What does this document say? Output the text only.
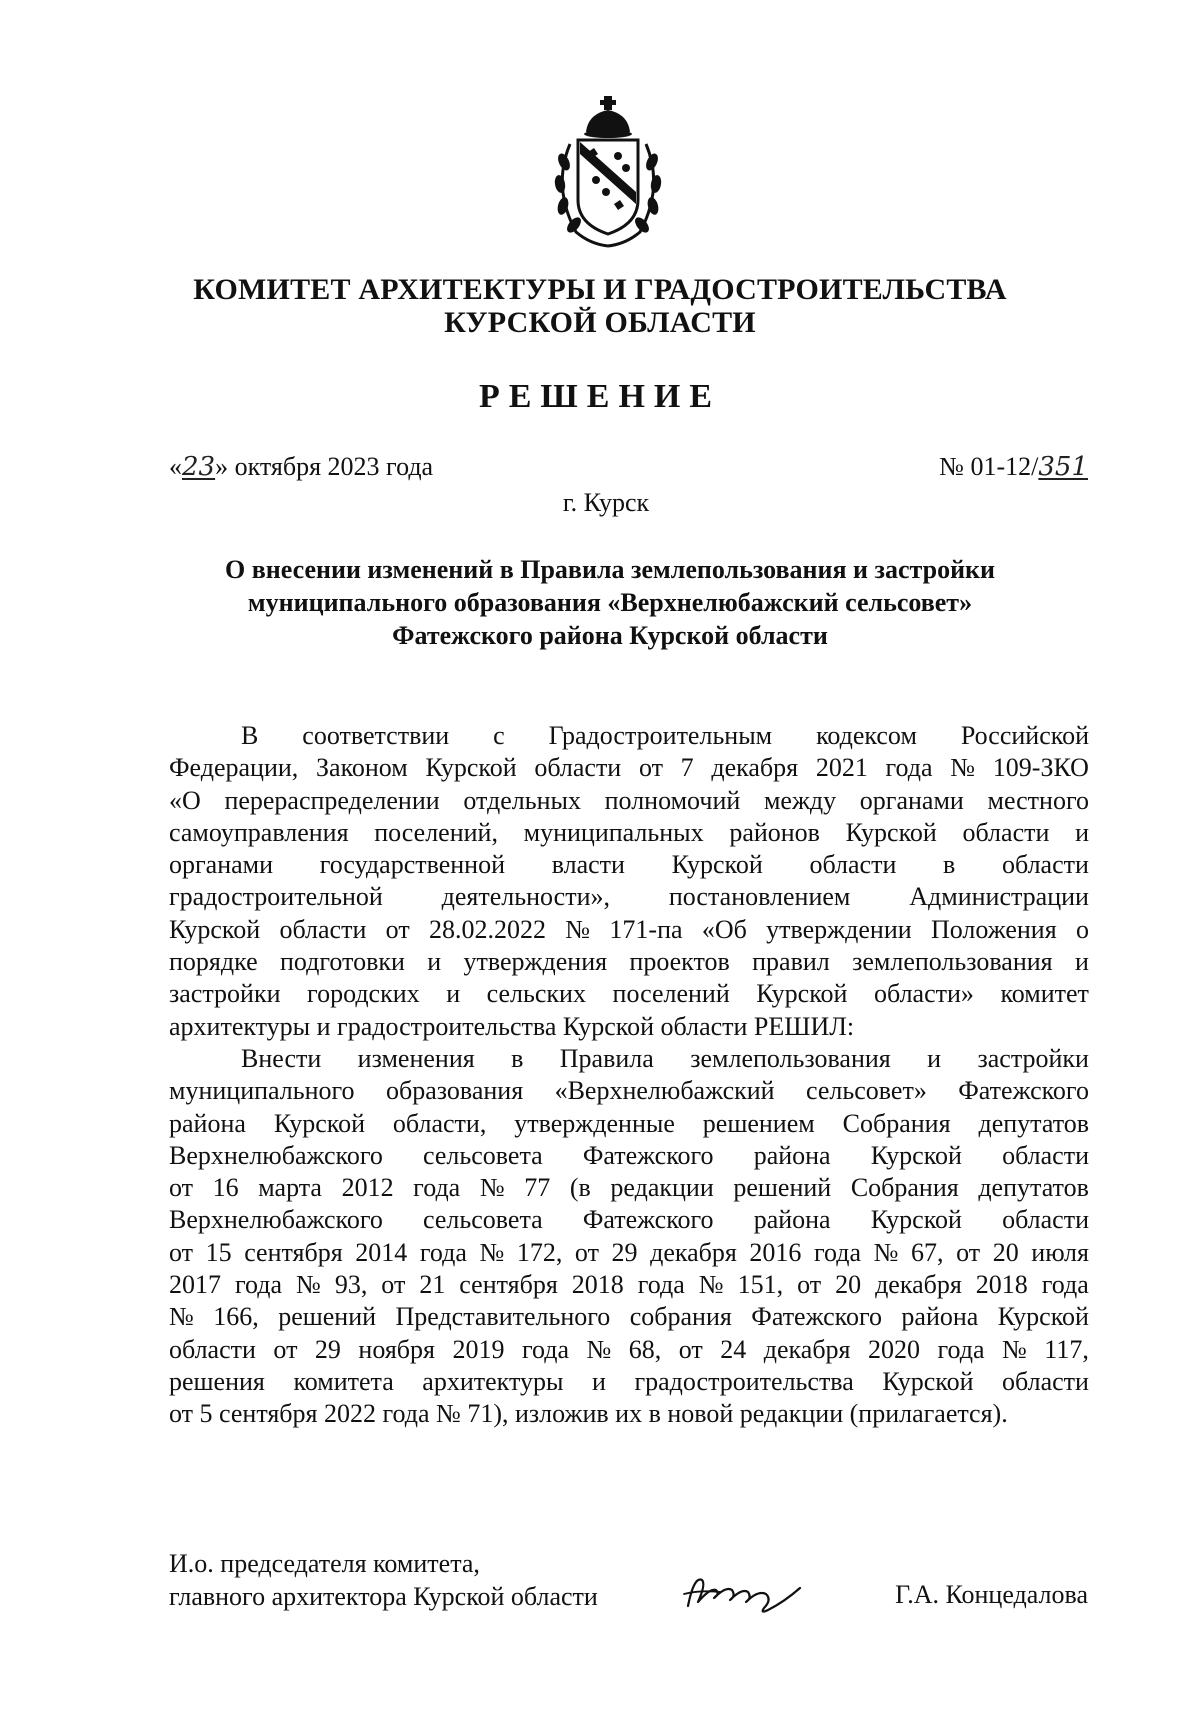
КОМИТЕТ АРХИТЕКТУРЫ И ГРАДОСТРОИТЕЛЬСТВА
КУРСКОЙ ОБЛАСТИ
РЕШЕНИЕ
«23» октября 2023 года	№ 01-12/351
г. Курск
О внесении изменений в Правила землепользования и застройки
муниципального образования «Верхнелюбажский сельсовет»
Фатежского района Курской области
В соответствии с Градостроительным кодексом Российской
Федерации, Законом Курской области от 7 декабря 2021 года № 109-ЗКО
«О перераспределении отдельных полномочий между органами местного
самоуправления поселений, муниципальных районов Курской области и
органами государственной власти Курской области в области
градостроительной деятельности», постановлением Администрации
Курской области от 28.02.2022 № 171-па «Об утверждении Положения о
порядке подготовки и утверждения проектов правил землепользования и
застройки городских и сельских поселений Курской области» комитет
архитектуры и градостроительства Курской области РЕШИЛ:
Внести изменения в Правила землепользования и застройки
муниципального образования «Верхнелюбажский сельсовет» Фатежского
района Курской области, утвержденные решением Собрания депутатов
Верхнелюбажского сельсовета Фатежского района Курской области
от 16 марта 2012 года № 77 (в редакции решений Собрания депутатов
Верхнелюбажского сельсовета Фатежского района Курской области
от 15 сентября 2014 года № 172, от 29 декабря 2016 года № 67, от 20 июля
2017 года № 93, от 21 сентября 2018 года № 151, от 20 декабря 2018 года
№ 166, решений Представительного собрания Фатежского района Курской
области от 29 ноября 2019 года № 68, от 24 декабря 2020 года № 117,
решения комитета архитектуры и градостроительства Курской области
от 5 сентября 2022 года № 71), изложив их в новой редакции (прилагается).
И.о. председателя комитета,
главного архитектора Курской области	Г.А. Концедалова
